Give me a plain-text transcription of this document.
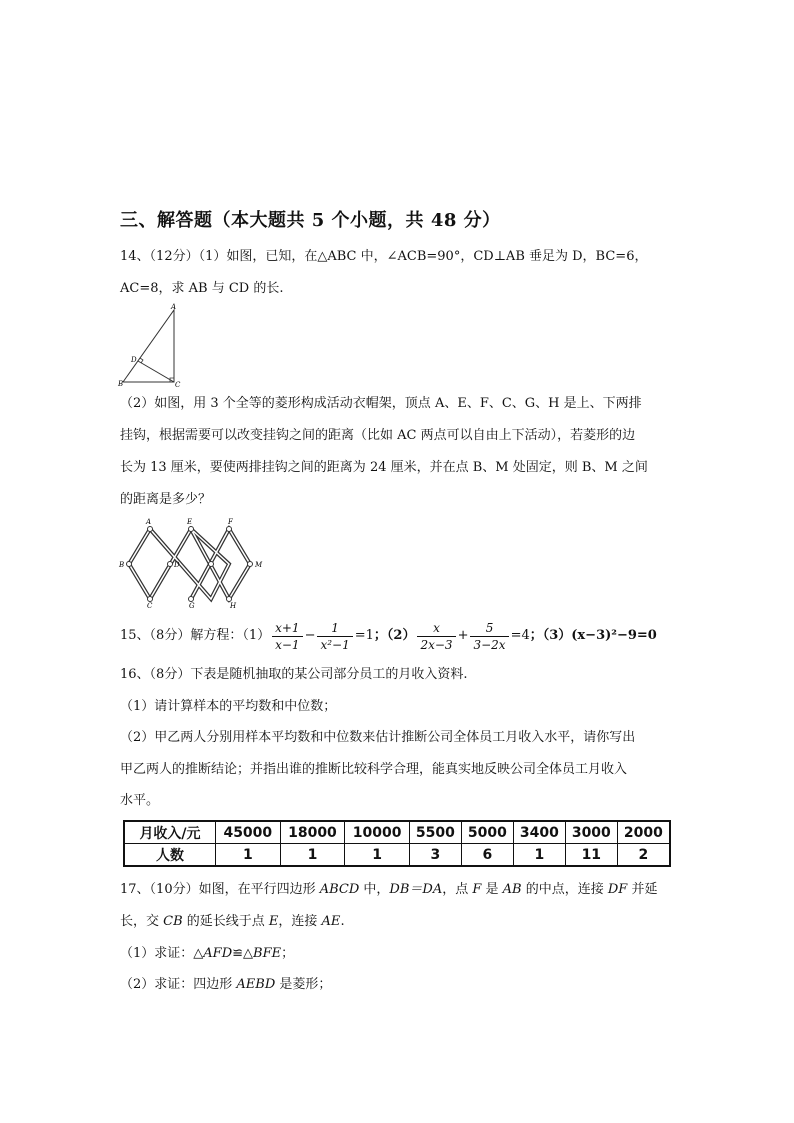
三、解答题（本大题共 5 个小题，共 48 分）
14、（12分）（1）如图，已知，在△ABC 中，∠ACB=90°，CD⊥AB 垂足为 D，BC=6，
AC=8，求 AB 与 CD 的长.
A
D
B	C
（2）如图，用 3 个全等的菱形构成活动衣帽架，顶点 A、E、F、C、G、H 是上、下两排
挂钩，根据需要可以改变挂钩之间的距离（比如 AC 两点可以自由上下活动），若菱形的边
长为 13 厘米，要使两排挂钩之间的距离为 24 厘米，并在点 B、M 处固定，则 B、M 之间
的距离是多少？
A	E	F
B	D	M
C	G	H
15、（8分）解方程：$(1) \frac{x+1}{x-1} - \frac{1}{\text{x²−1}} =1$ ；$(2) \frac{x}{2x-3} + \frac{5}{3-2x} =4$ ；（3） (x−3)²−9=0
16、（8分）下表是随机抽取的某公司部分员工的月收入资料.
（1）请计算样本的平均数和中位数；
（2）甲乙两人分别用样本平均数和中位数来估计推断公司全体员工月收入水平，请你写出
甲乙两人的推断结论；并指出谁的推断比较科学合理，能真实地反映公司全体员工月收入
水平。
月收入/元	45000	18000	10000	5500	5000	3400	3000	2000
人数	1	1	1	3	6	1	11	2
17、（10分）如图，在平行四边形 ABCD 中，DB＝DA，点 F 是 AB 的中点，连接 DF 并延
长，交 CB 的延长线于点 E，连接 AE.
（1）求证：△AFD≌△BFE；
（2）求证：四边形 AEBD 是菱形；
